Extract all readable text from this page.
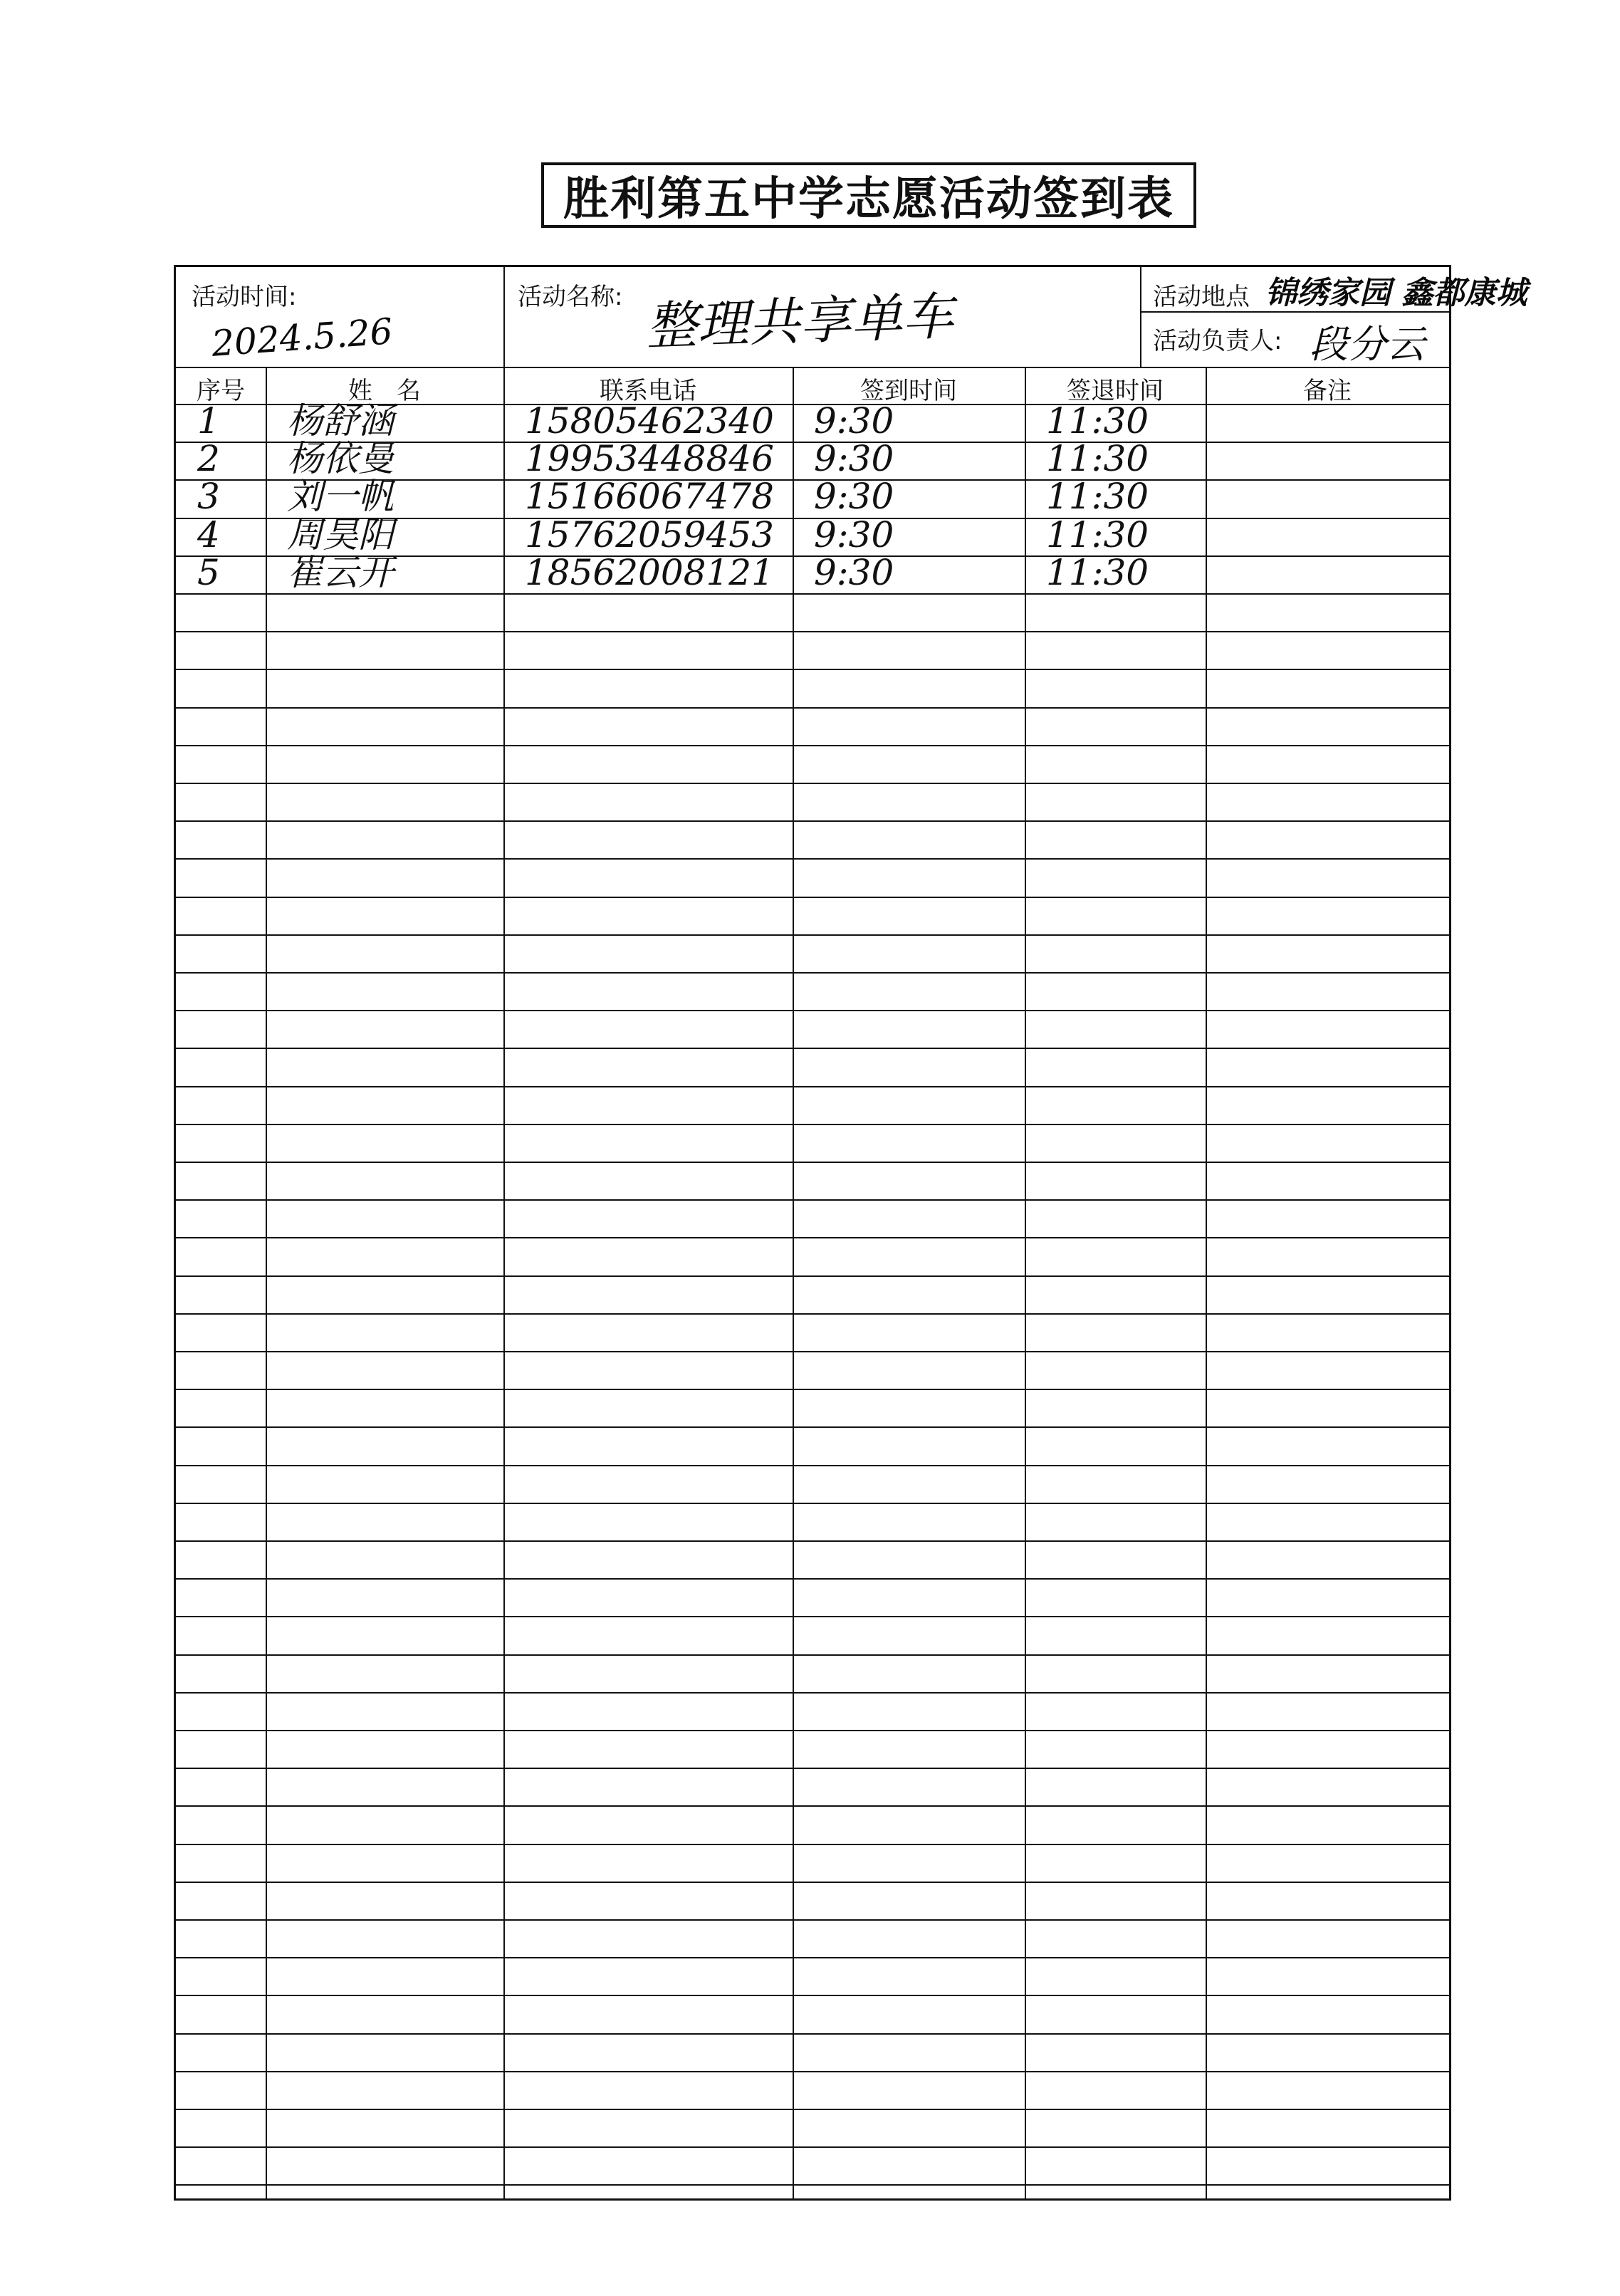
胜利第五中学志愿活动签到表
活动时间:
2024.5.26
活动名称: 整理共享单车	活动地点 锦绣家园 鑫都康城
活动负责人: 段分云
序号	姓　名	联系电话	签到时间	签退时间	备注
1 杨舒涵	15805462340 9:30	11:30
2 杨依曼	19953448846 9:30	11:30
3 刘一帆	15166067478 9:30	11:30
4 周昊阳	15762059453 9:30	11:30
5 崔云开	18562008121 9:30	11:30
